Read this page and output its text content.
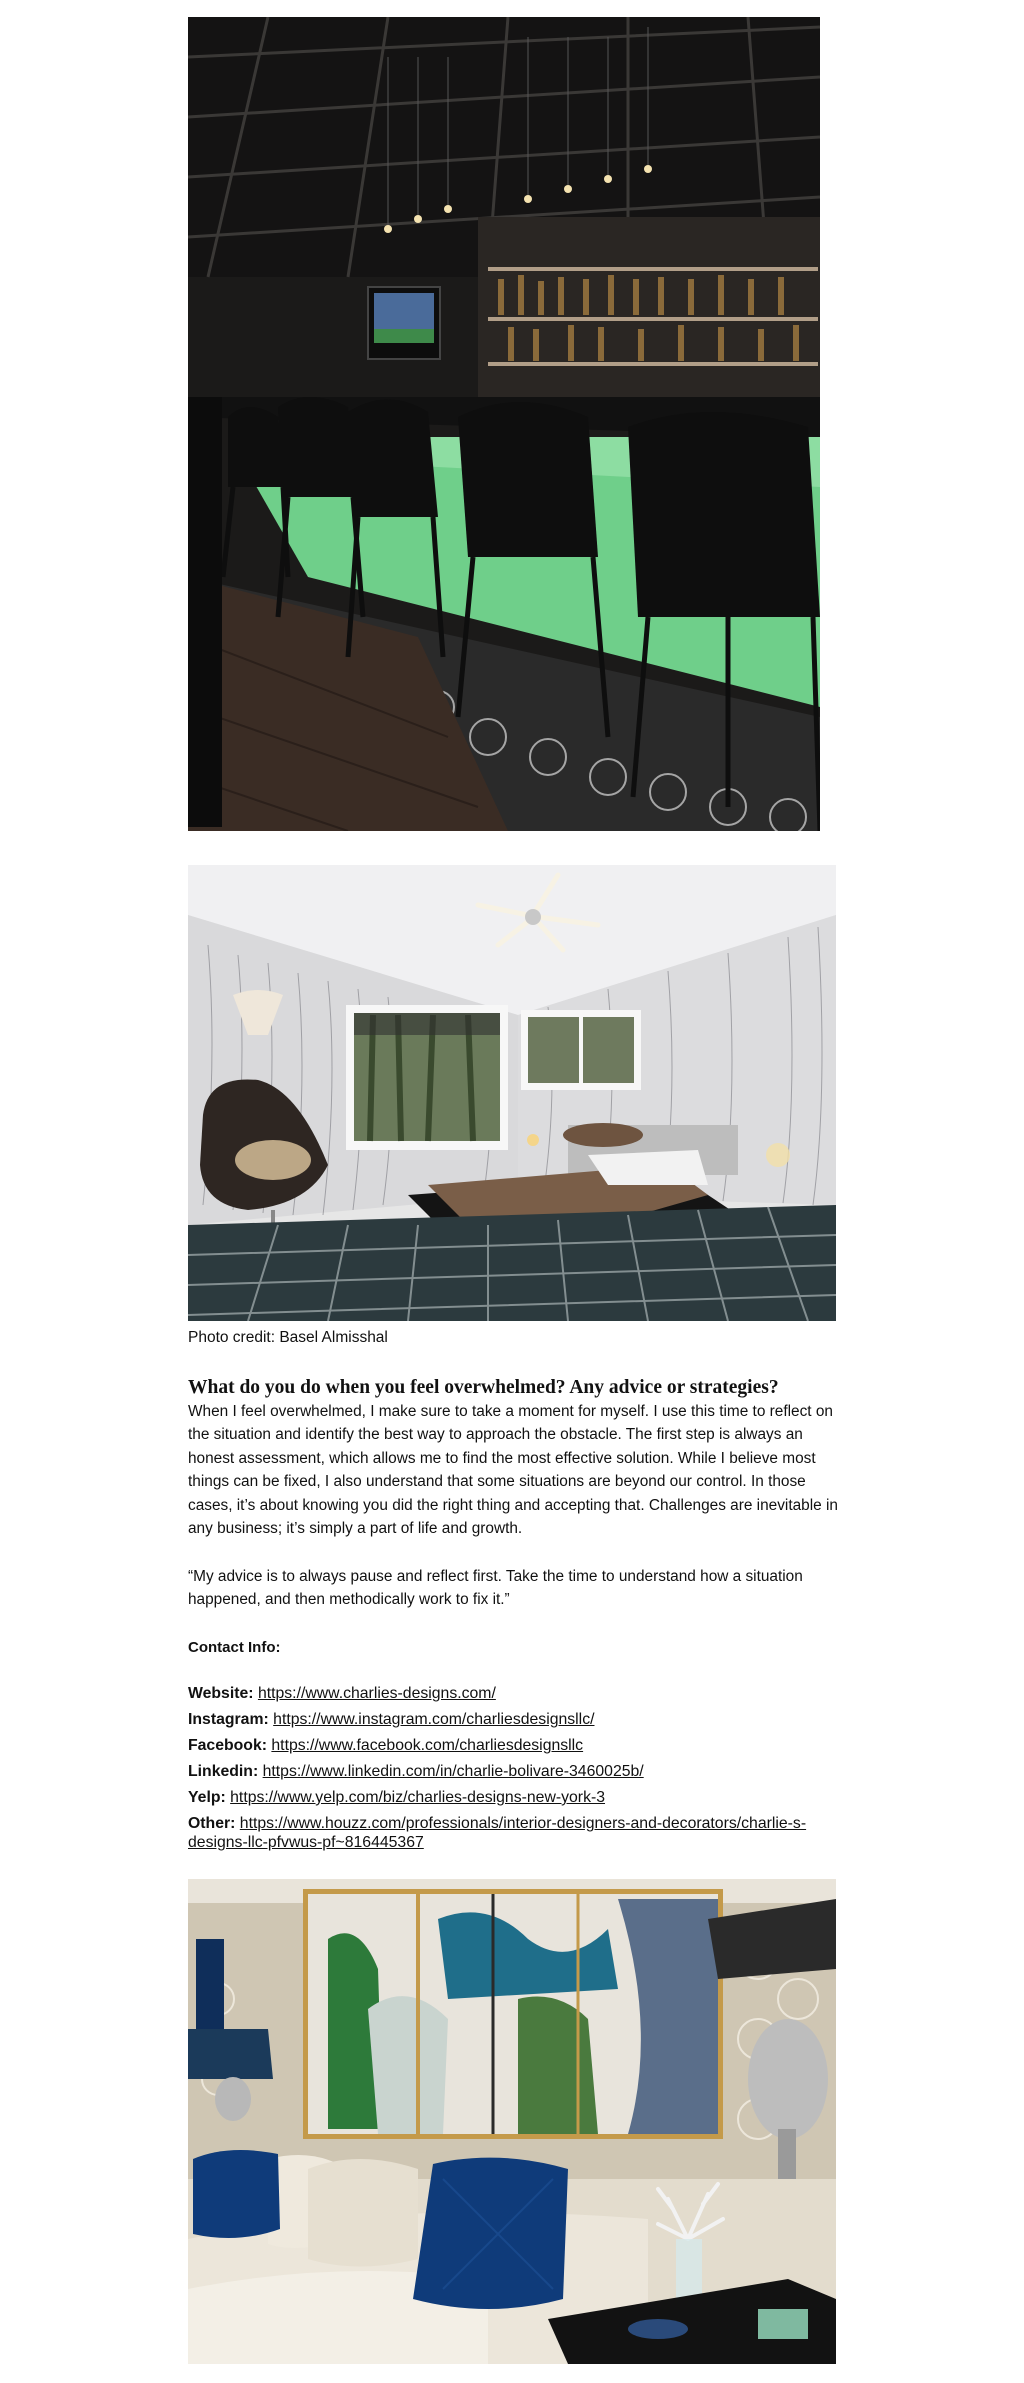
Photo credit: Basel Almisshal
What do you do when you feel overwhelmed? Any advice or strategies?

When I feel overwhelmed, I make sure to take a moment for myself. I use this time to reflect on the situation and identify the best way to approach the obstacle. The first step is always an honest assessment, which allows me to find the most effective solution. While I believe most things can be fixed, I also understand that some situations are beyond our control. In those cases, it’s about knowing you did the right thing and accepting that. Challenges are inevitable in any business; it’s simply a part of life and growth.

“My advice is to always pause and reflect first. Take the time to understand how a situation happened, and then methodically work to fix it.”

Contact Info:
Website: https://www.charlies-designs.com/
Instagram: https://www.instagram.com/charliesdesignsllc/
Facebook: https://www.facebook.com/charliesdesignsllc
Linkedin: https://www.linkedin.com/in/charlie-bolivare-3460025b/
Yelp: https://www.yelp.com/biz/charlies-designs-new-york-3
Other: https://www.houzz.com/professionals/interior-designers-and-decorators/charlie-s-designs-llc-pfvwus-pf~816445367
